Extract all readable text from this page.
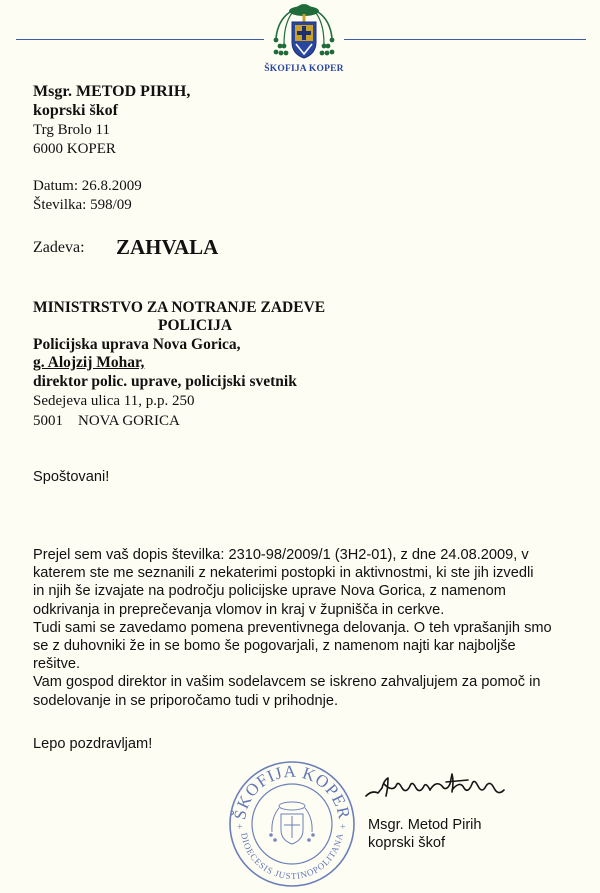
ŠKOFIJA KOPER
Msgr. METOD PIRIH,
koprski škof
Trg Brolo 11
6000 KOPER
Datum: 26.8.2009
Številka: 598/09
Zadeva: ZAHVALA
MINISTRSTVO ZA NOTRANJE ZADEVE
POLICIJA
Policijska uprava Nova Gorica,
g. Alojzij Mohar,
direktor polic. uprave, policijski svetnik
Sedejeva ulica 11, p.p. 250
5001    NOVA GORICA
Spoštovani!
Prejel sem vaš dopis številka: 2310-98/2009/1 (3H2-01), z dne 24.08.2009, v
katerem ste me seznanili z nekaterimi postopki in aktivnostmi, ki ste jih izvedli
in njih še izvajate na področju policijske uprave Nova Gorica, z namenom
odkrivanja in preprečevanja vlomov in kraj v župnišča in cerkve.
Tudi sami se zavedamo pomena preventivnega delovanja. O teh vprašanjih smo
se z duhovniki že in se bomo še pogovarjali, z namenom najti kar najboljše
rešitve.
Vam gospod direktor in vašim sodelavcem se iskreno zahvaljujem za pomoč in
sodelovanje in se priporočamo tudi v prihodnje.
Lepo pozdravljam!
ŠKOFIJA KOPER
DIOECESIS JUSTINOPOLITANA
+	+ Msgr. Metod Pirih
koprski škof
